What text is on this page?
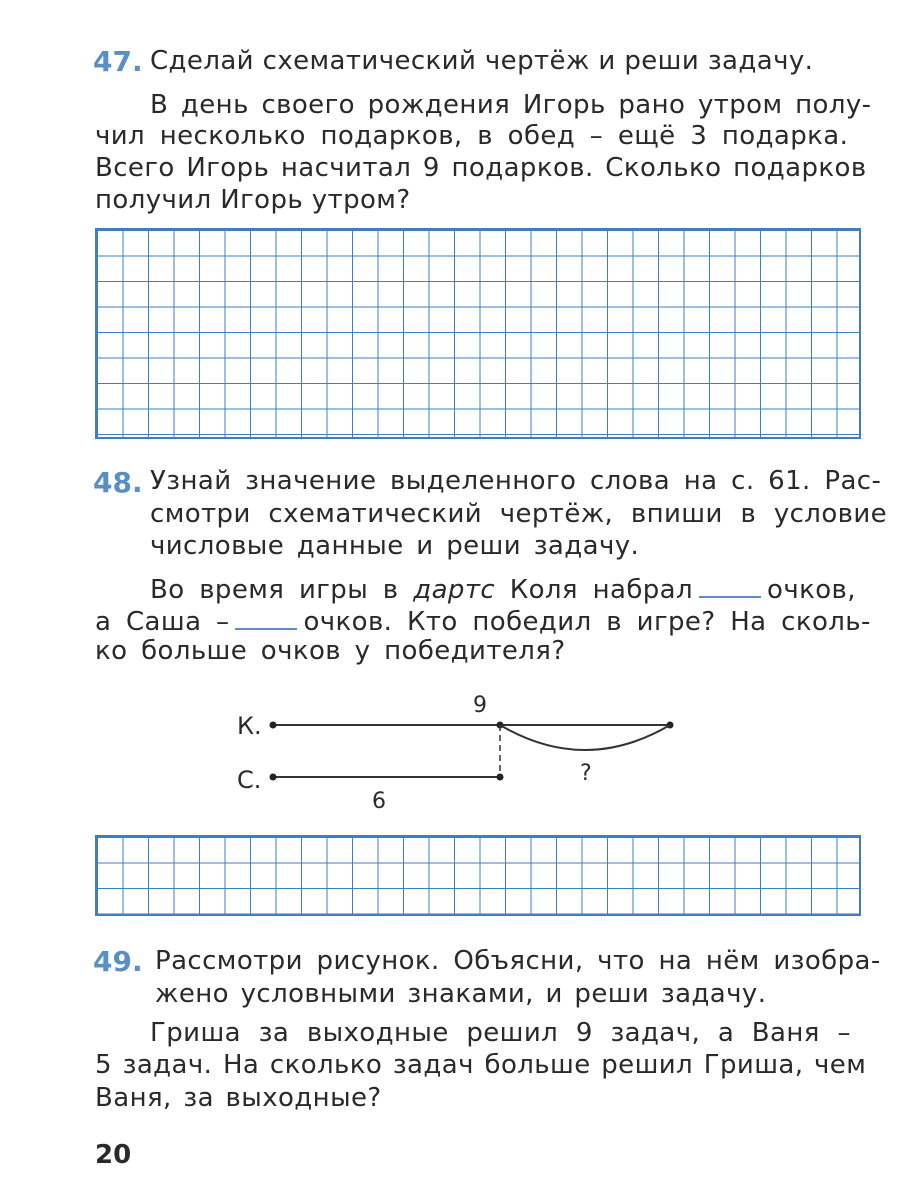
47. Сделай схематический чертёж и реши задачу.
В день своего рождения Игорь рано утром полу-
чил несколько подарков, в обед – ещё 3 подарка.
Всего Игорь насчитал 9 подарков. Сколько подарков
получил Игорь утром?
48. Узнай значение выделенного слова на с. 61. Рас-
смотри схематический чертёж, впиши в условие
числовые данные и реши задачу.
Во время игры в дартс Коля набрал	очков,
а Саша –	очков. Кто победил в игре? На сколь-
ко больше очков у победителя?
К.
С.
9
6
?
49. Рассмотри рисунок. Объясни, что на нём изобра-
жено условными знаками, и реши задачу.
Гриша за выходные решил 9 задач, а Ваня –
5 задач. На сколько задач больше решил Гриша, чем
Ваня, за выходные?
20
